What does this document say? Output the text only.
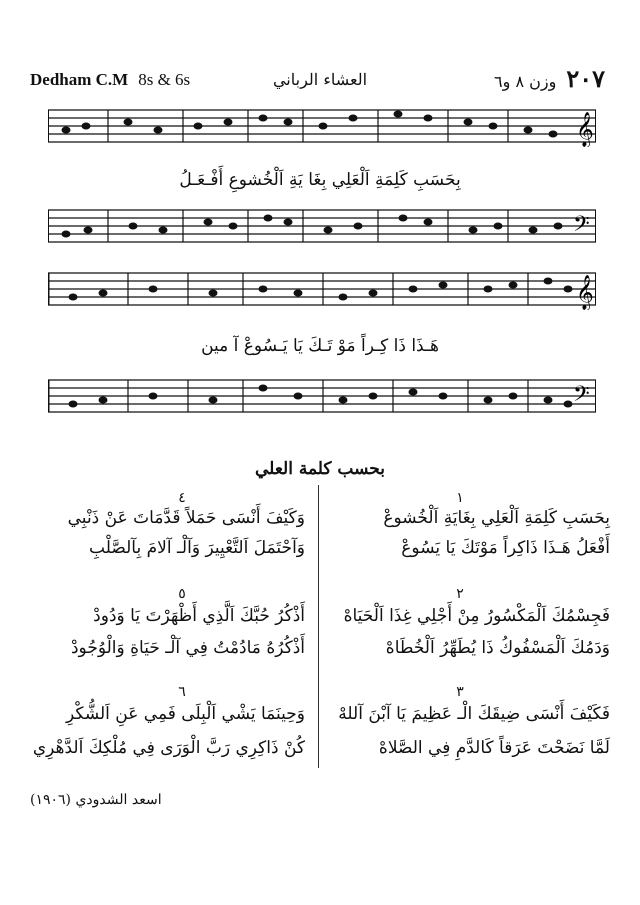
Dedham C.M 8s & 6s	العشاء الرباني	٢٠٧وزن ٨ و٦
𝄞
بِحَسَبِ كَلِمَةِ اَلْعَلِي بِغَا يَةِ اَلْخُشوعِ أَفْـعَـلُ
𝄢
𝄞
هَـذَا ذَا كِـراً مَوْ تَـكَ يَا يَـسُوعْ آ مين
𝄢
بحسب كلمة العلي
١
بِحَسَبِ كَلِمَةِ اَلْعَلِي بِغَايَةِ اَلْخُشوعْ
أَفْعَلُ هَـذَا ذَاكِراً مَوْتَكَ يَا يَسُوعْ
٢
فَجِسْمُكَ اَلْمَكْسُورُ مِنْ أَجْلِي غِذَا اَلْحَيَاهْ
وَدَمُكَ اَلْمَسْفُوكُ ذَا يُطَهِّرُ اَلْخُطَاهْ
٣
فَكَيْفَ أَنْسَى ضِيقَكَ الْـ عَظِيمَ يَا آبْنَ آللهْ
لَمَّا نَضَحْتَ عَرَقاً كَالدَّمِ فِي الصَّلاهْ
٤
وَكَيْفَ أَنْسَى حَمَلاً قَدَّمَاتَ عَنْ ذَنْبِي
وَآحْتَمَلَ اَلتَّعْيِيرَ وَآلْـ آلامَ بِآلصَّلْبِ
٥
أَذْكُرُ حُبَّكَ اَلَّذِي أَظْهَرْتَ يَا وَدُودْ
أَذْكُرُهُ مَادُمْتُ فِي آلْـ حَيَاةِ وَالْوُجُودْ
٦
وَحِينَمَا يَشْي اَلْبِلَى فَمِي عَنِ اَلشُّكْرِ
كُنْ ذَاكِرِي رَبَّ الْوَرَى فِي مُلْكِكَ اَلدَّهْرِي
اسعد الشدودي (١٩٠٦)
